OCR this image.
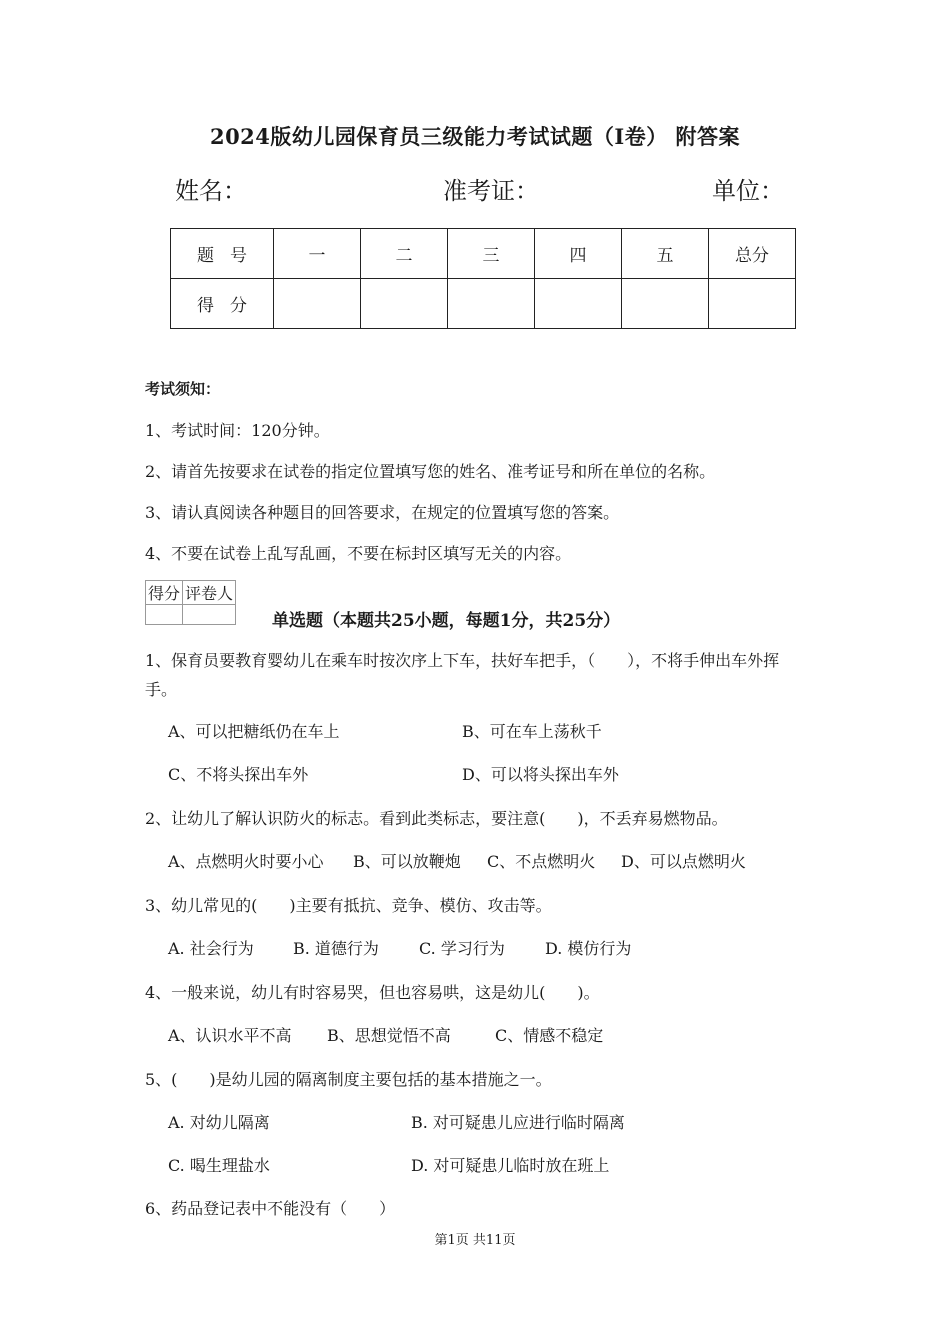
2024版幼儿园保育员三级能力考试试题（I卷） 附答案
姓名：	准考证：	单位：
题号	一	二	三	四	五	总分
得分						
考试须知：
1、考试时间：120分钟。
2、请首先按要求在试卷的指定位置填写您的姓名、准考证号和所在单位的名称。
3、请认真阅读各种题目的回答要求，在规定的位置填写您的答案。
4、不要在试卷上乱写乱画，不要在标封区填写无关的内容。
得分	评卷人

单选题（本题共25小题，每题1分，共25分）
1、保育员要教育婴幼儿在乘车时按次序上下车，扶好车把手，（　　），不将手伸出车外挥
手。
A、可以把糖纸仍在车上	B、可在车上荡秋千
C、不将头探出车外	D、可以将头探出车外
2、让幼儿了解认识防火的标志。看到此类标志，要注意(　　)，不丢弃易燃物品。
A、点燃明火时要小心 B、可以放鞭炮 C、不点燃明火 D、可以点燃明火
3、幼儿常见的(　　)主要有抵抗、竞争、模仿、攻击等。
A. 社会行为 B. 道德行为	C. 学习行为	D. 模仿行为
4、一般来说，幼儿有时容易哭，但也容易哄，这是幼儿(　　)。
A、认识水平不高 B、思想觉悟不高	C、情感不稳定
5、(　　)是幼儿园的隔离制度主要包括的基本措施之一。
A. 对幼儿隔离	B. 对可疑患儿应进行临时隔离
C. 喝生理盐水	D. 对可疑患儿临时放在班上
6、药品登记表中不能没有（　　）
第1页 共11页
